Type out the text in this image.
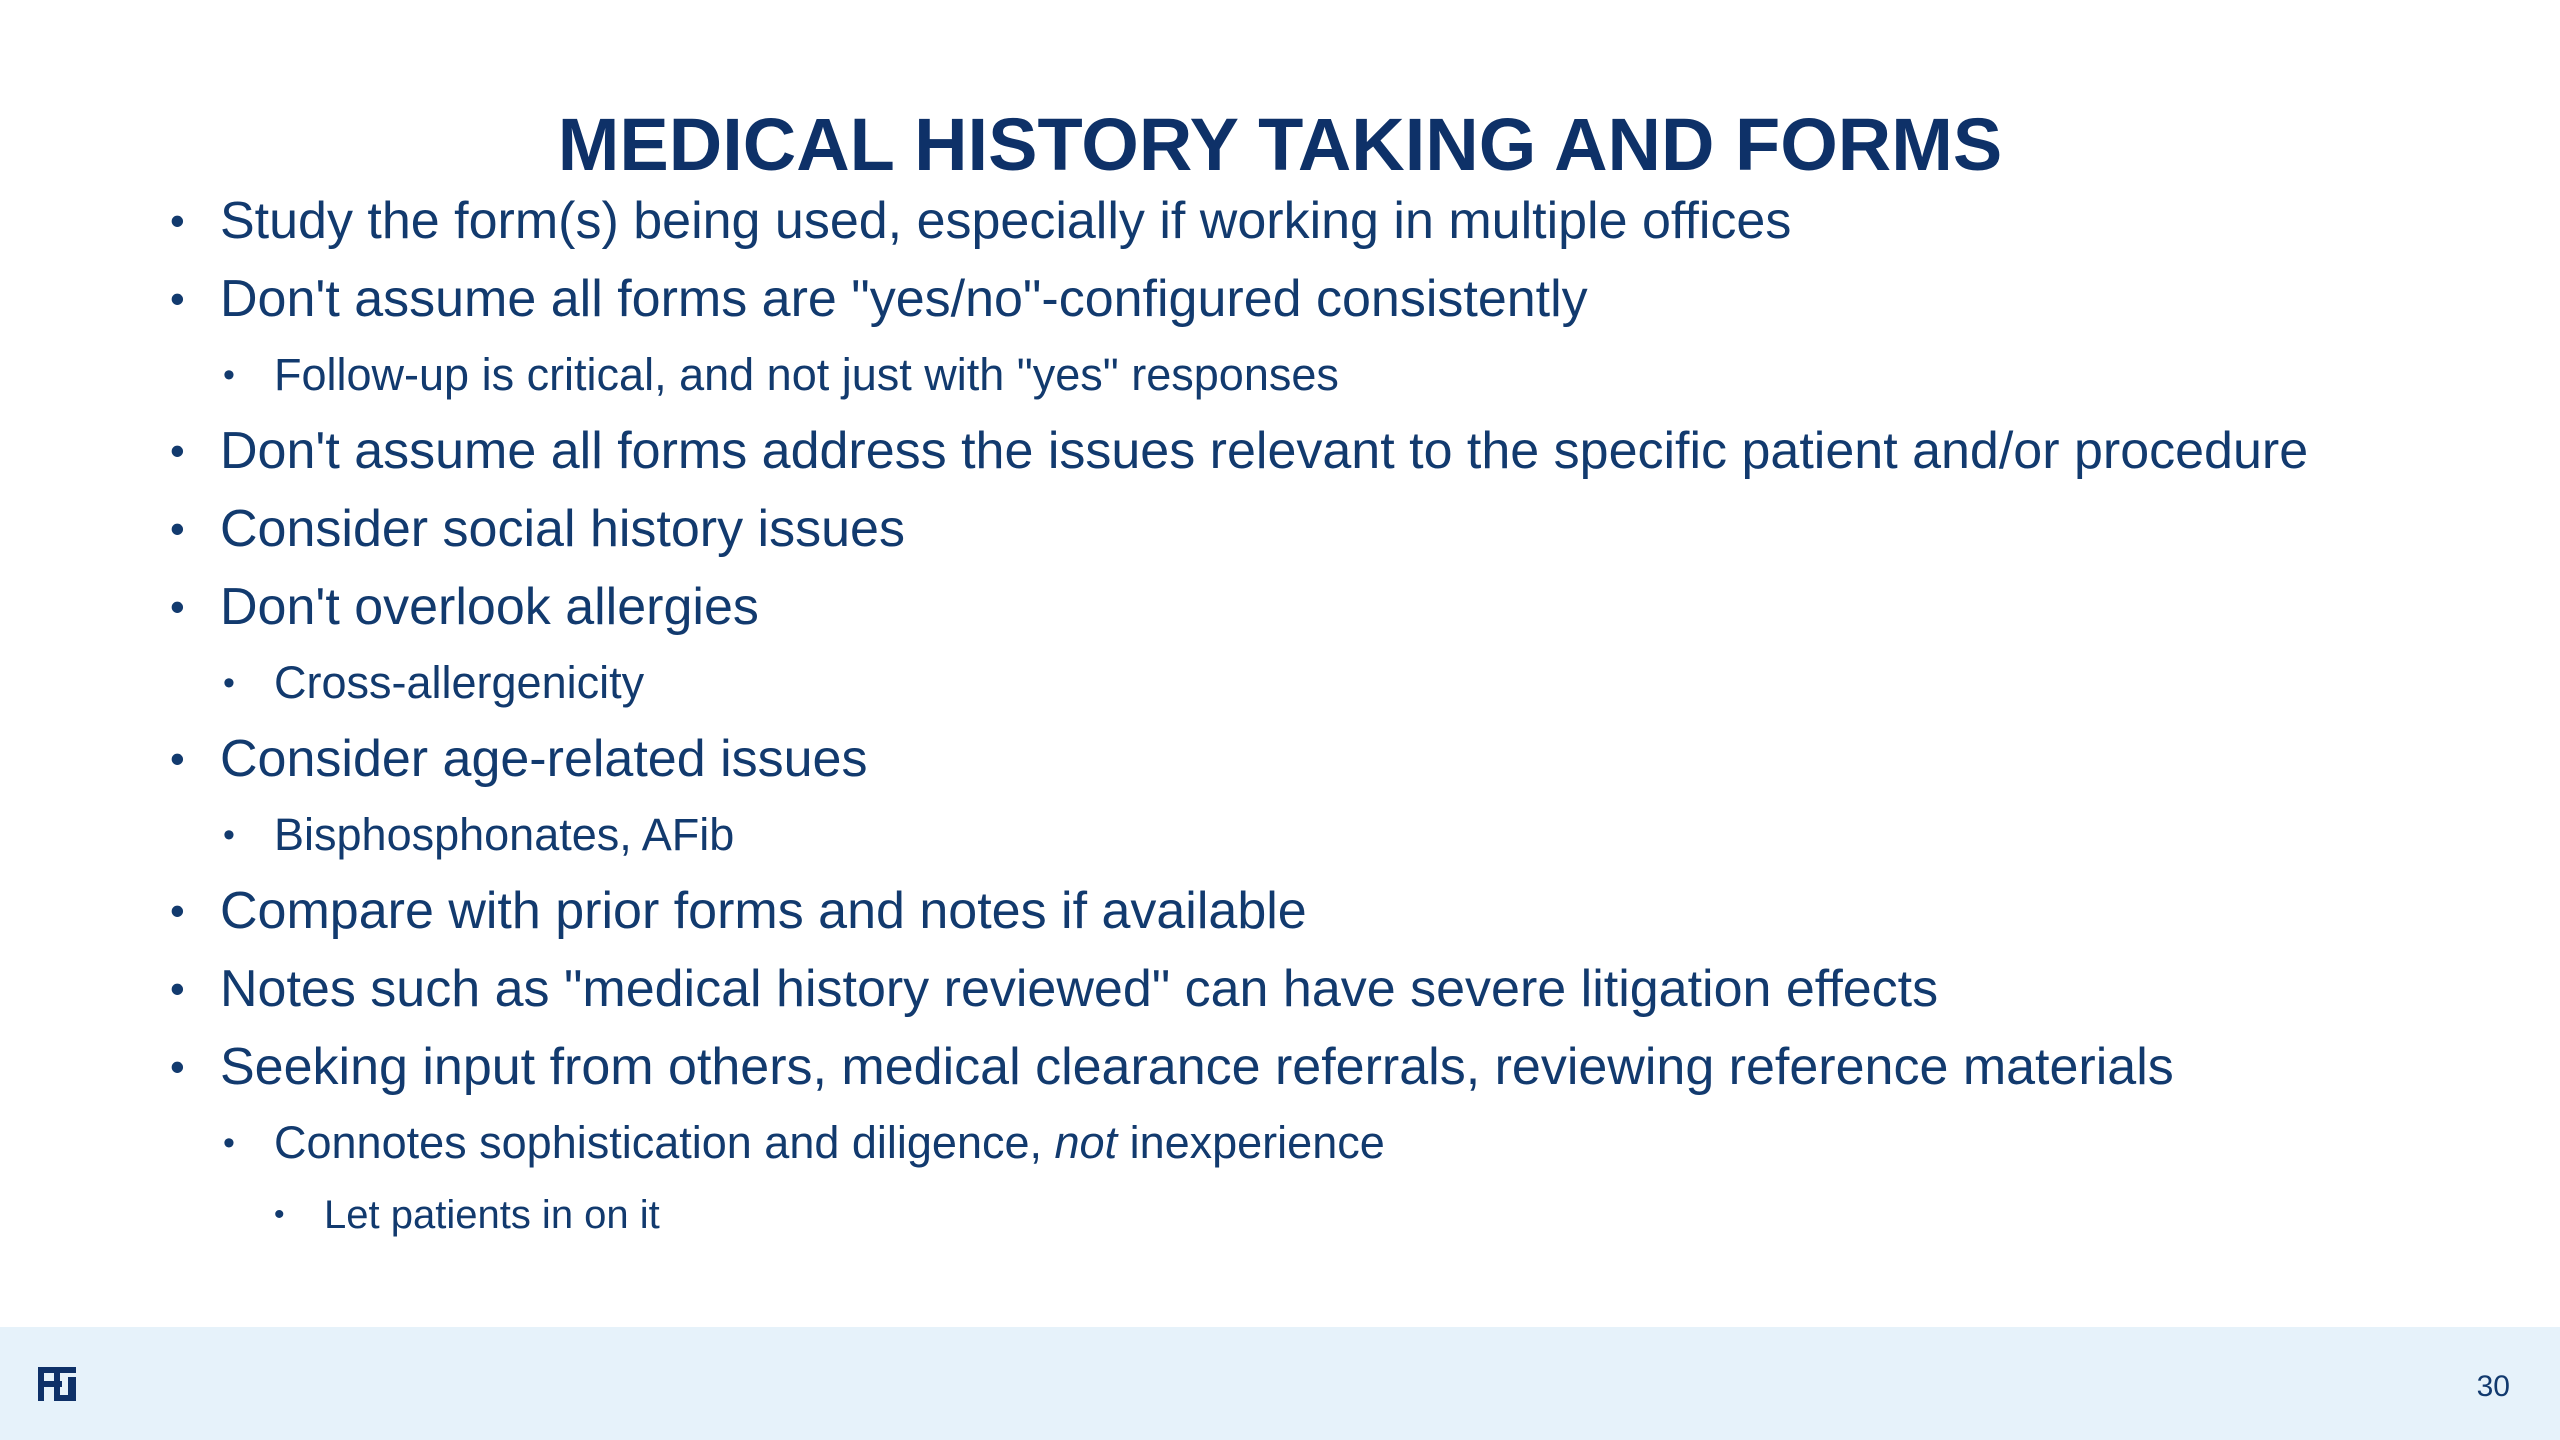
MEDICAL HISTORY TAKING AND FORMS
• Study the form(s) being used, especially if working in multiple offices
• Don't assume all forms are "yes/no"-configured consistently
• Follow-up is critical, and not just with "yes" responses
• Don't assume all forms address the issues relevant to the specific patient and/or procedure
• Consider social history issues
• Don't overlook allergies
• Cross-allergenicity
• Consider age-related issues
• Bisphosphonates, AFib
• Compare with prior forms and notes if available
• Notes such as "medical history reviewed" can have severe litigation effects
• Seeking input from others, medical clearance referrals, reviewing reference materials
• Connotes sophistication and diligence, not inexperience
• Let patients in on it
30
